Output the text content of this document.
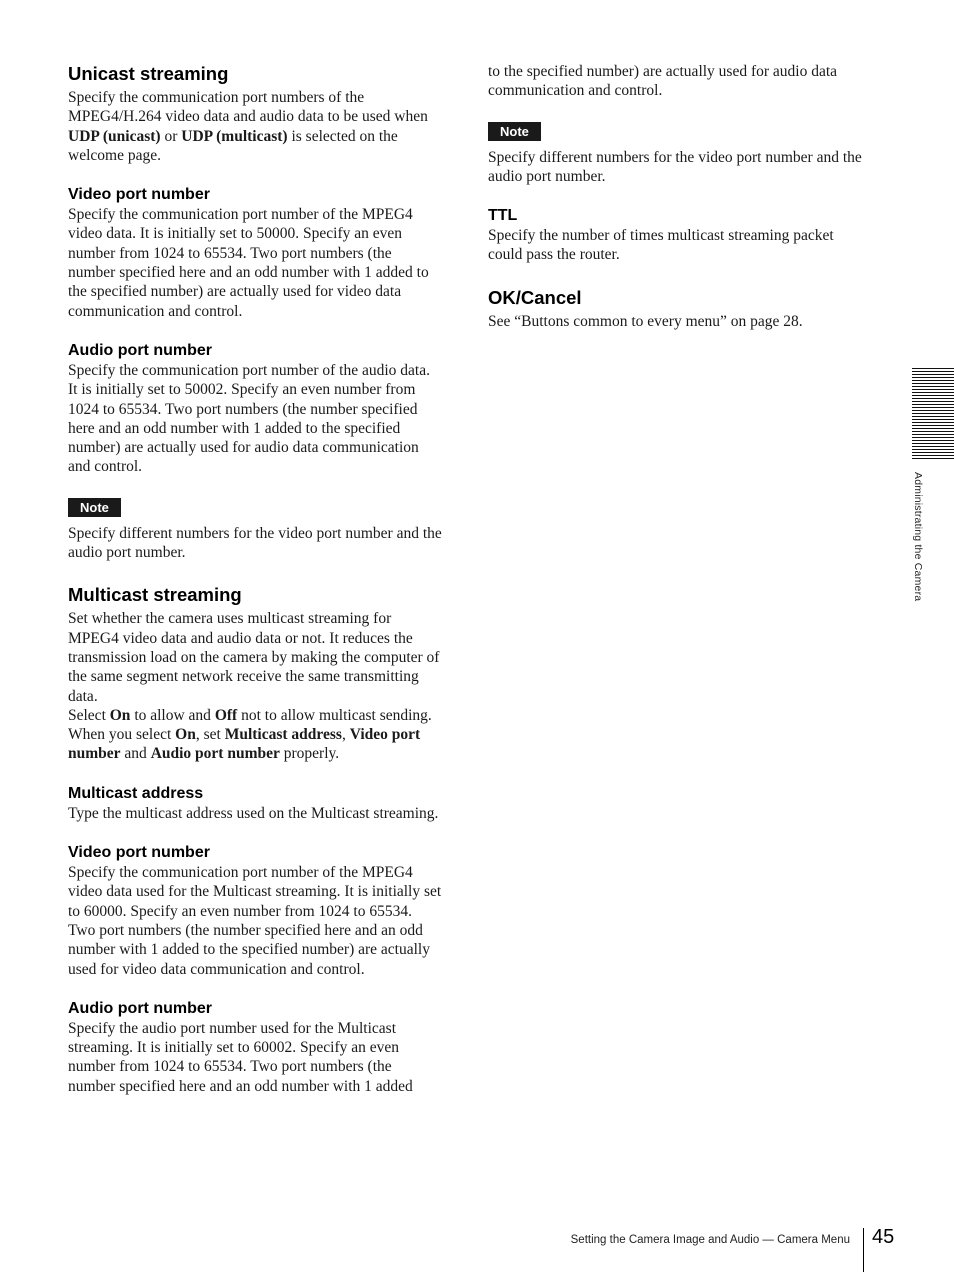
Unicast streaming

Specify the communication port numbers of the MPEG4/H.264 video data and audio data to be used when UDP (unicast) or UDP (multicast) is selected on the welcome page.

Video port number

Specify the communication port number of the MPEG4 video data. It is initially set to 50000. Specify an even number from 1024 to 65534. Two port numbers (the number specified here and an odd number with 1 added to the specified number) are actually used for video data communication and control.

Audio port number

Specify the communication port number of the audio data. It is initially set to 50002. Specify an even number from 1024 to 65534. Two port numbers (the number specified here and an odd number with 1 added to the specified number) are actually used for audio data communication and control.

Note

Specify different numbers for the video port number and the audio port number.

Multicast streaming

Set whether the camera uses multicast streaming for MPEG4 video data and audio data or not. It reduces the transmission load on the camera by making the computer of the same segment network receive the same transmitting data.

Select On to allow and Off not to allow multicast sending.

When you select On, set Multicast address, Video port number and Audio port number properly.

Multicast address

Type the multicast address used on the Multicast streaming.

Video port number

Specify the communication port number of the MPEG4 video data used for the Multicast streaming. It is initially set to 60000. Specify an even number from 1024 to 65534. Two port numbers (the number specified here and an odd number with 1 added to the specified number) are actually used for video data communication and control.

Audio port number

Specify the audio port number used for the Multicast streaming. It is initially set to 60002. Specify an even number from 1024 to 65534. Two port numbers (the number specified here and an odd number with 1 added

to the specified number) are actually used for audio data communication and control.

Note

Specify different numbers for the video port number and the audio port number.

TTL

Specify the number of times multicast streaming packet could pass the router.

OK/Cancel

See “Buttons common to every menu” on page 28.

Administrating the Camera
Setting the Camera Image and Audio — Camera Menu 45
